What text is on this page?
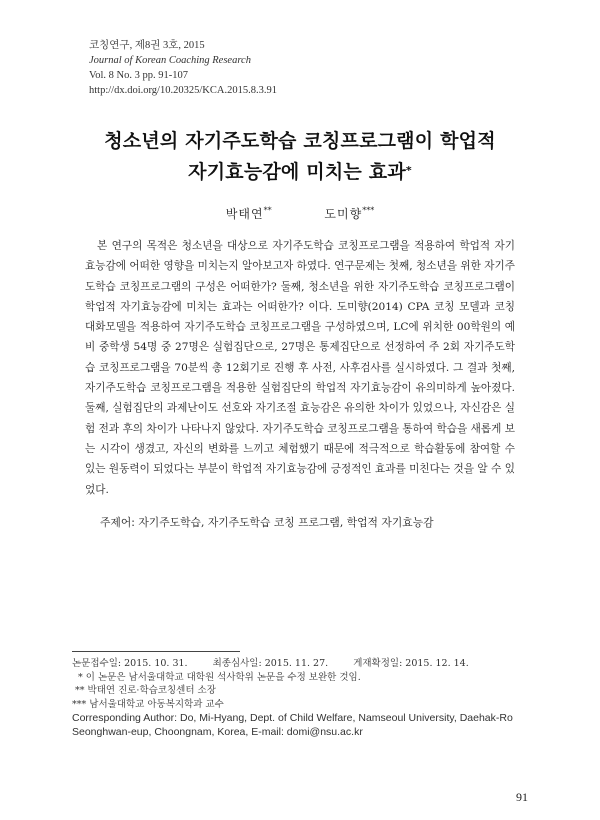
코칭연구, 제8권 3호, 2015
Journal of Korean Coaching Research
Vol. 8 No. 3 pp. 91-107
http://dx.doi.org/10.20325/KCA.2015.8.3.91
청소년의 자기주도학습 코칭프로그램이 학업적
자기효능감에 미치는 효과*
박태연**	도미향***

본 연구의 목적은 청소년을 대상으로 자기주도학습 코칭프로그램을 적용하여 학업적 자기효능감에 어떠한 영향을 미치는지 알아보고자 하였다. 연구문제는 첫째, 청소년을 위한 자기주도학습 코칭프로그램의 구성은 어떠한가? 둘째, 청소년을 위한 자기주도학습 코칭프로그램이 학업적 자기효능감에 미치는 효과는 어떠한가? 이다. 도미향(2014) CPA 코칭 모델과 코칭 대화모델을 적용하여 자기주도학습 코칭프로그램을 구성하였으며, LC에 위치한 00학원의 예비 중학생 54명 중 27명은 실험집단으로, 27명은 통제집단으로 선정하여 주 2회 자기주도학습 코칭프로그램을 70분씩 총 12회기로 진행 후 사전, 사후검사를 실시하였다. 그 결과 첫째, 자기주도학습 코칭프로그램을 적용한 실험집단의 학업적 자기효능감이 유의미하게 높아졌다. 둘째, 실험집단의 과제난이도 선호와 자기조절 효능감은 유의한 차이가 있었으나, 자신감은 실험 전과 후의 차이가 나타나지 않았다. 자기주도학습 코칭프로그램을 통하여 학습을 새롭게 보는 시각이 생겼고, 자신의 변화를 느끼고 체험했기 때문에 적극적으로 학습활동에 참여할 수 있는 원동력이 되었다는 부분이 학업적 자기효능감에 긍정적인 효과를 미친다는 것을 알 수 있었다.

주제어: 자기주도학습, 자기주도학습 코칭 프로그램, 학업적 자기효능감
논문접수일: 2015. 10. 31.	최종심사일: 2015. 11. 27.	게재확정일: 2015. 12. 14.
* 이 논문은 남서울대학교 대학원 석사학위 논문을 수정 보완한 것임.
** 박태연 진로·학습코칭센터 소장
*** 남서울대학교 아동복지학과 교수
Corresponding Author: Do, Mi-Hyang, Dept. of Child Welfare, Namseoul University, Daehak-Ro
Seonghwan-eup, Choongnam, Korea, E-mail: domi@nsu.ac.kr
91
